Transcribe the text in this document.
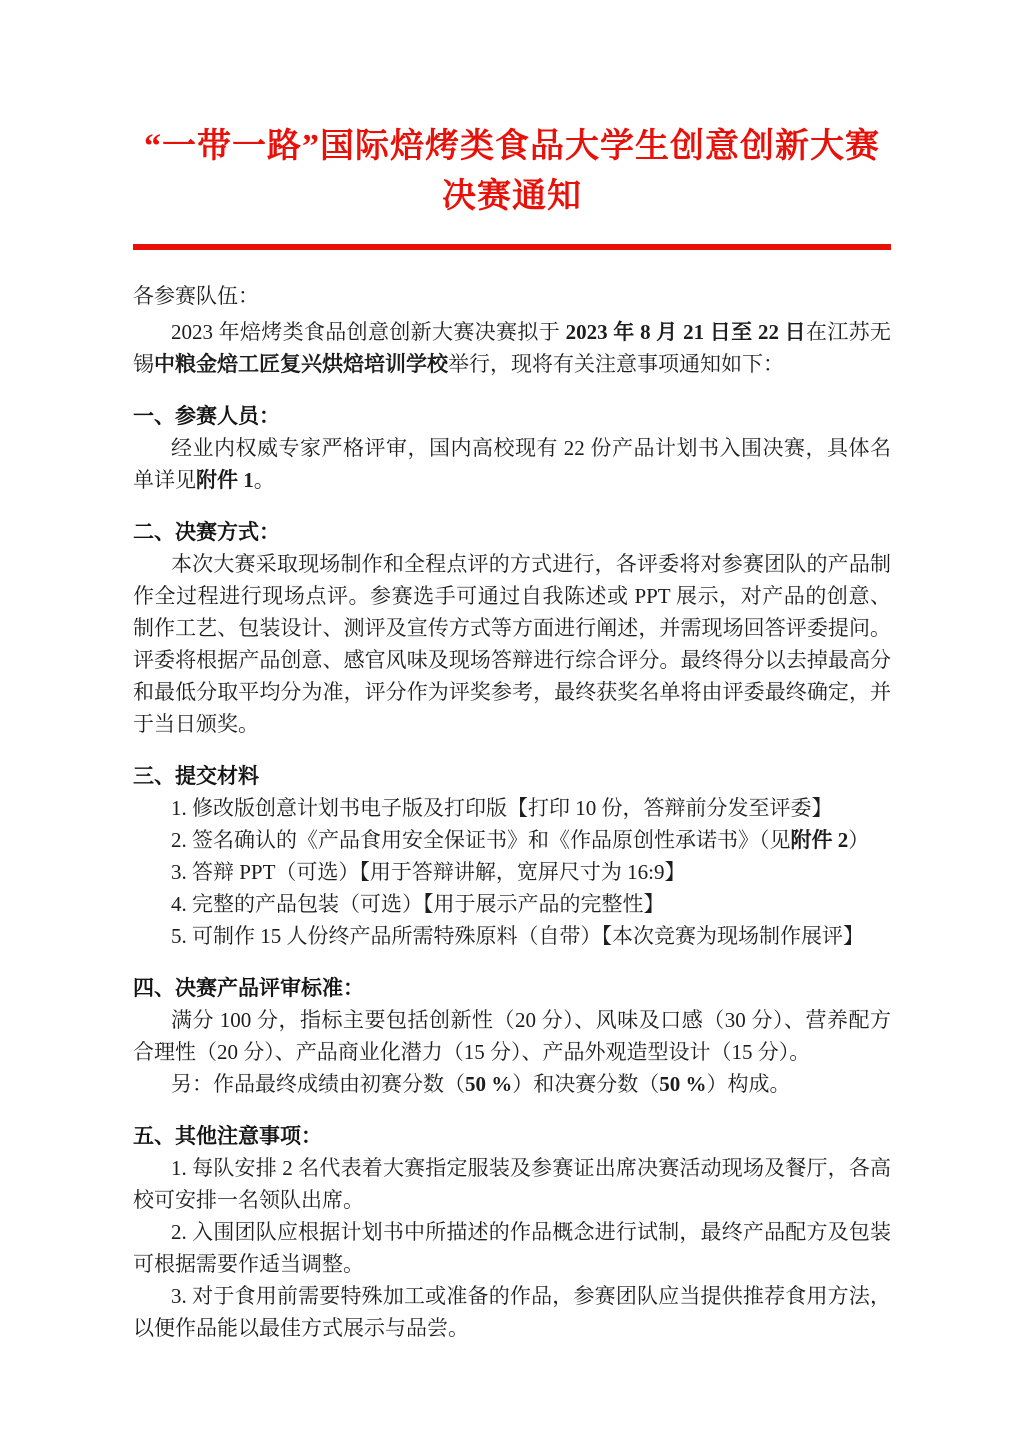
“一带一路”国际焙烤类食品大学生创意创新大赛
决赛通知

各参赛队伍：

2023 年焙烤类食品创意创新大赛决赛拟于 2023 年 8 月 21 日至 22 日在江苏无锡中粮金焙工匠复兴烘焙培训学校举行，现将有关注意事项通知如下：

一、参赛人员：

经业内权威专家严格评审，国内高校现有 22 份产品计划书入围决赛，具体名单详见附件 1。

二、决赛方式：

本次大赛采取现场制作和全程点评的方式进行，各评委将对参赛团队的产品制作全过程进行现场点评。参赛选手可通过自我陈述或 PPT 展示，对产品的创意、制作工艺、包装设计、测评及宣传方式等方面进行阐述，并需现场回答评委提问。评委将根据产品创意、感官风味及现场答辩进行综合评分。最终得分以去掉最高分和最低分取平均分为准，评分作为评奖参考，最终获奖名单将由评委最终确定，并于当日颁奖。

三、提交材料

1. 修改版创意计划书电子版及打印版【打印 10 份，答辩前分发至评委】

2. 签名确认的《产品食用安全保证书》和《作品原创性承诺书》（见附件 2）

3. 答辩 PPT（可选）【用于答辩讲解，宽屏尺寸为 16:9】

4. 完整的产品包装（可选）【用于展示产品的完整性】

5. 可制作 15 人份终产品所需特殊原料（自带）【本次竞赛为现场制作展评】

四、决赛产品评审标准：

满分 100 分，指标主要包括创新性（20 分）、风味及口感（30 分）、营养配方合理性（20 分）、产品商业化潜力（15 分）、产品外观造型设计（15 分）。

另：作品最终成绩由初赛分数（50 %）和决赛分数（50 %）构成。

五、其他注意事项：

1. 每队安排 2 名代表着大赛指定服装及参赛证出席决赛活动现场及餐厅，各高校可安排一名领队出席。

2. 入围团队应根据计划书中所描述的作品概念进行试制，最终产品配方及包装可根据需要作适当调整。

3. 对于食用前需要特殊加工或准备的作品，参赛团队应当提供推荐食用方法，以便作品能以最佳方式展示与品尝。
